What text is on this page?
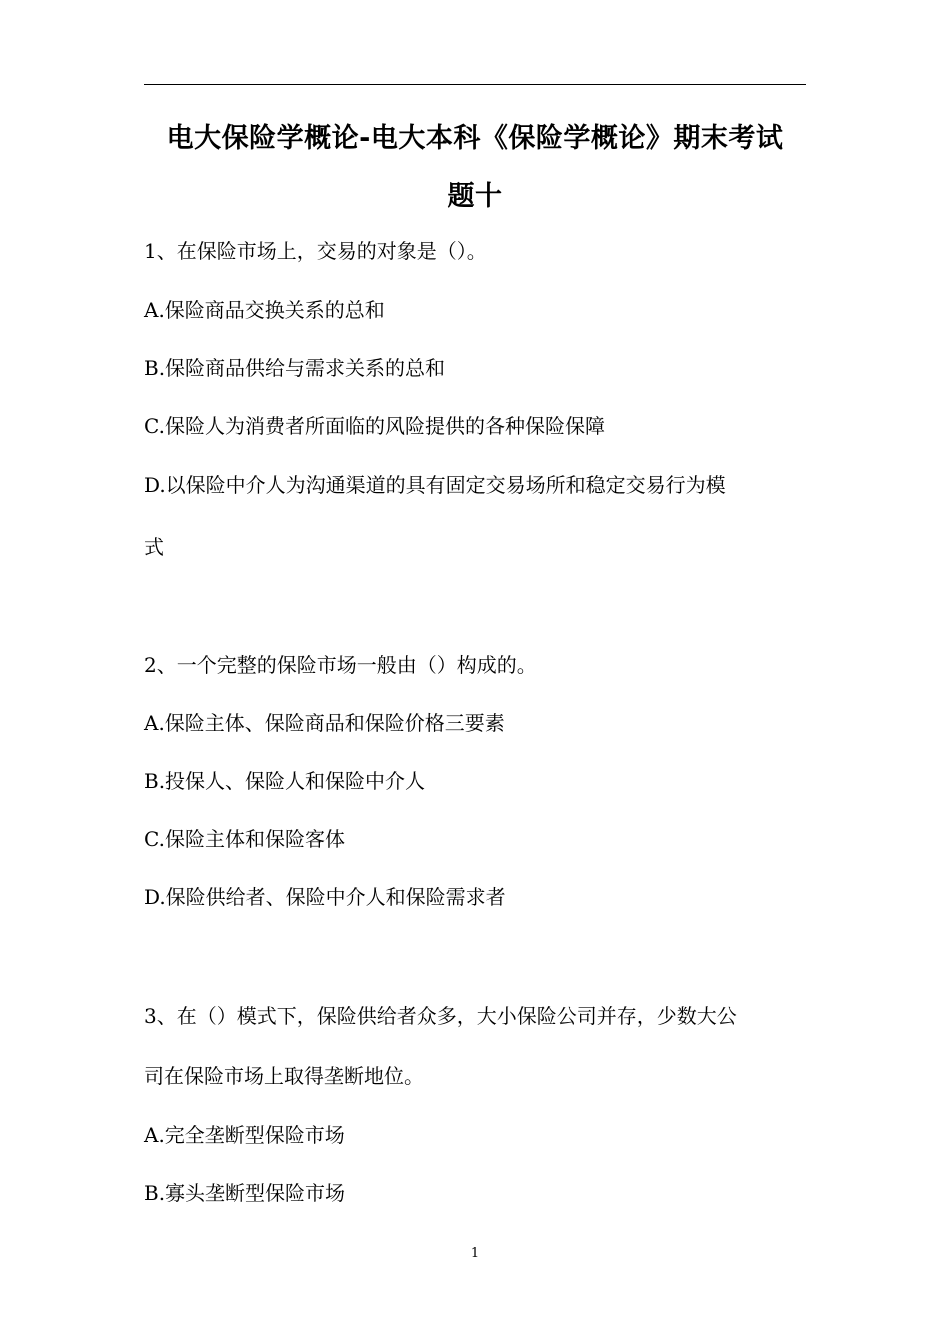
电大保险学概论-电大本科《保险学概论》期末考试
题十
1、在保险市场上，交易的对象是（）。
A.保险商品交换关系的总和
B.保险商品供给与需求关系的总和
C.保险人为消费者所面临的风险提供的各种保险保障
D.以保险中介人为沟通渠道的具有固定交易场所和稳定交易行为模
式
2、一个完整的保险市场一般由（）构成的。
A.保险主体、保险商品和保险价格三要素
B.投保人、保险人和保险中介人
C.保险主体和保险客体
D.保险供给者、保险中介人和保险需求者
3、在（）模式下，保险供给者众多，大小保险公司并存，少数大公
司在保险市场上取得垄断地位。
A.完全垄断型保险市场
B.寡头垄断型保险市场
1
